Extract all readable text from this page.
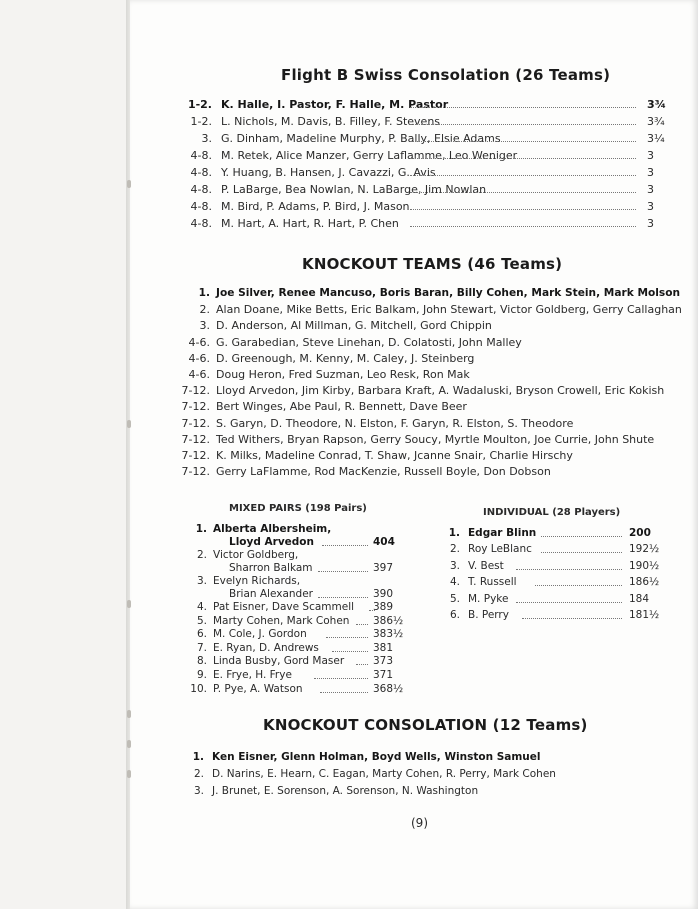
Flight B Swiss Consolation (26 Teams)
1-2. K. Halle, I. Pastor, F. Halle, M. Pastor	3¾
1-2. L. Nichols, M. Davis, B. Filley, F. Stevens	3¾
3. G. Dinham, Madeline Murphy, P. Bally, Elsie Adams	3¼
4-8. M. Retek, Alice Manzer, Gerry Laflamme, Leo Weniger	3
4-8. Y. Huang, B. Hansen, J. Cavazzi, G. Avis	3
4-8. P. LaBarge, Bea Nowlan, N. LaBarge, Jim Nowlan	3
4-8. M. Bird, P. Adams, P. Bird, J. Mason	3
4-8. M. Hart, A. Hart, R. Hart, P. Chen	3
KNOCKOUT TEAMS (46 Teams)
1. Joe Silver, Renee Mancuso, Boris Baran, Billy Cohen, Mark Stein, Mark Molson
2. Alan Doane, Mike Betts, Eric Balkam, John Stewart, Victor Goldberg, Gerry Callaghan
3. D. Anderson, Al Millman, G. Mitchell, Gord Chippin
4-6. G. Garabedian, Steve Linehan, D. Colatosti, John Malley
4-6. D. Greenough, M. Kenny, M. Caley, J. Steinberg
4-6. Doug Heron, Fred Suzman, Leo Resk, Ron Mak
7-12. Lloyd Arvedon, Jim Kirby, Barbara Kraft, A. Wadaluski, Bryson Crowell, Eric Kokish
7-12. Bert Winges, Abe Paul, R. Bennett, Dave Beer
7-12. S. Garyn, D. Theodore, N. Elston, F. Garyn, R. Elston, S. Theodore
7-12. Ted Withers, Bryan Rapson, Gerry Soucy, Myrtle Moulton, Joe Currie, John Shute
7-12. K. Milks, Madeline Conrad, T. Shaw, Jcanne Snair, Charlie Hirschy
7-12. Gerry LaFlamme, Rod MacKenzie, Russell Boyle, Don Dobson
MIXED PAIRS (198 Pairs)
1. Alberta Albersheim,
Lloyd Arvedon	404
2. Victor Goldberg,
Sharron Balkam	397
3. Evelyn Richards,
Brian Alexander	390
4. Pat Eisner, Dave Scammell 389
5. Marty Cohen, Mark Cohen 386½
6. M. Cole, J. Gordon	383½
7. E. Ryan, D. Andrews	381
8. Linda Busby, Gord Maser	373
9. E. Frye, H. Frye	371
10. P. Pye, A. Watson	368½
INDIVIDUAL (28 Players)
1. Edgar Blinn	200
2. Roy LeBlanc	192½
3. V. Best	190½
4. T. Russell	186½
5. M. Pyke	184
6. B. Perry	181½
KNOCKOUT CONSOLATION (12 Teams)
1. Ken Eisner, Glenn Holman, Boyd Wells, Winston Samuel
2. D. Narins, E. Hearn, C. Eagan, Marty Cohen, R. Perry, Mark Cohen
3. J. Brunet, E. Sorenson, A. Sorenson, N. Washington
(9)
